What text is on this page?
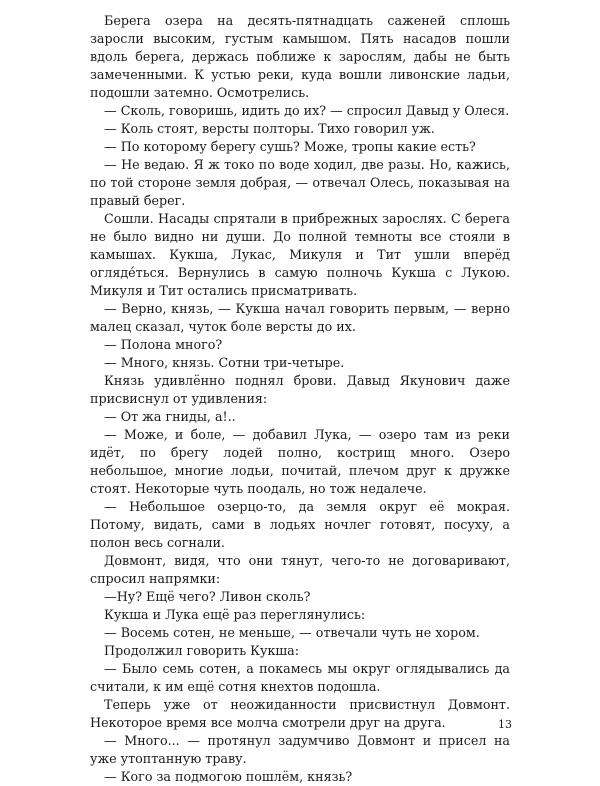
Берега озера на десять-пятнадцать саженей сплошь заросли высоким, густым камышом. Пять насадов пошли вдоль берега, держась поближе к зарослям, дабы не быть замеченными. К устью реки, куда вошли ливонские ладьи, подошли затемно. Осмотрелись.

— Сколь, говоришь, идить до их? — спросил Давыд у Олеся.

— Коль стоят, версты полторы. Тихо говорил уж.

— По которому берегу сушь? Може, тропы какие есть?

— Не ведаю. Я ж токо по воде ходил, две разы. Но, кажись, по той стороне земля добрая, — отвечал Олесь, показывая на правый берег.

Сошли. Насады спрятали в прибрежных зарослях. С берега не было видно ни души. До полной темноты все стояли в камышах. Кукша, Лукас, Микуля и Тит ушли вперёд огляде́ться. Вернулись в самую полночь Кукша с Лукою. Микуля и Тит остались присматривать.

— Верно, князь, — Кукша начал говорить первым, — верно малец сказал, чуток боле версты до их.

— Полона много?

— Много, князь. Сотни три-четыре.

Князь удивлённо поднял брови. Давыд Якунович даже присвиснул от удивления:

— От жа гниды, а!..

— Може, и боле, — добавил Лука, — озеро там из реки идёт, по брегу лодей полно, кострищ много. Озеро небольшое, многие лодьи, почитай, плечом друг к дружке стоят. Некоторые чуть поодаль, но тож недалече.

— Небольшое озерцо-то, да земля округ её мокрая. Потому, видать, сами в лодьях ночлег готовят, посуху, а полон весь согнали.

Довмонт, видя, что они тянут, чего-то не договаривают, спросил напрямки:

—Ну? Ещё чего? Ливон сколь?

Кукша и Лука ещё раз переглянулись:

— Восемь сотен, не меньше, — отвечали чуть не хором.

Продолжил говорить Кукша:

— Было семь сотен, а покамесь мы округ оглядывались да считали, к им ещё сотня кнехтов подошла.

Теперь уже от неожиданности присвистнул Довмонт. Некоторое время все молча смотрели друг на друга.

— Много... — протянул задумчиво Довмонт и присел на уже утоптанную траву.

— Кого за подмогою пошлём, князь?

13
